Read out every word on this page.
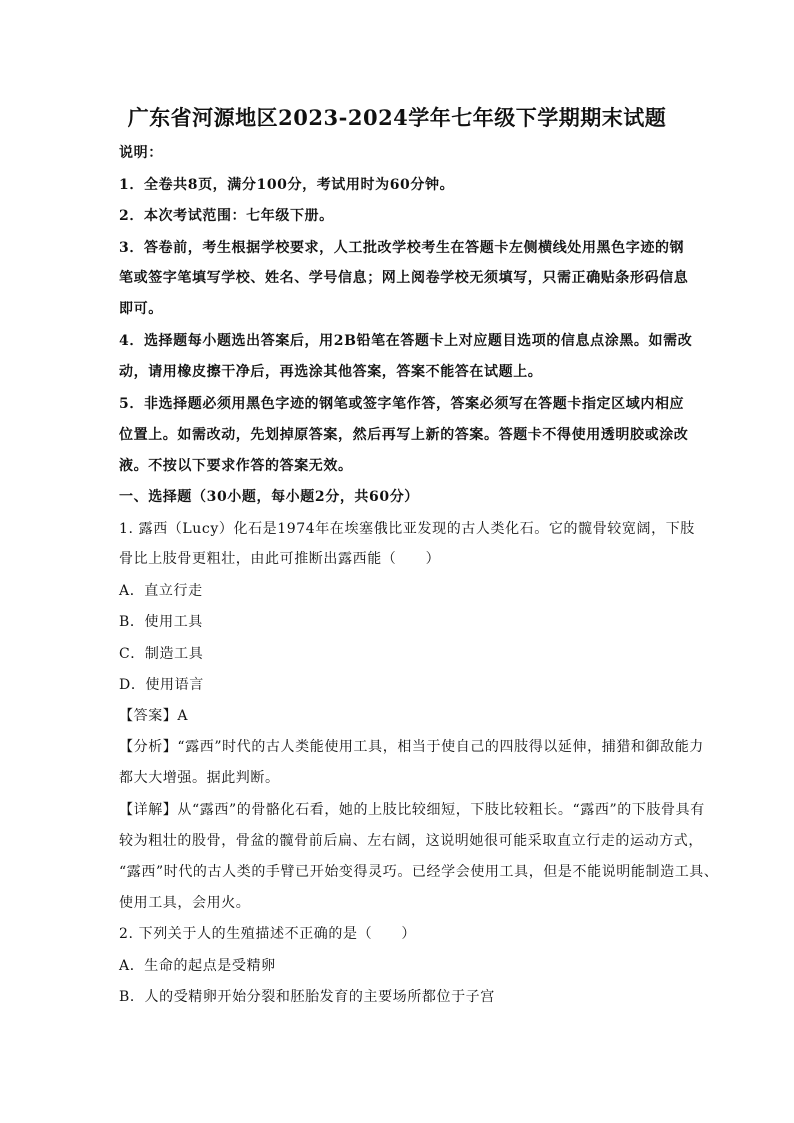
广东省河源地区2023-2024学年七年级下学期期末试题
说明：
1．全卷共8页，满分100分，考试用时为60分钟。
2．本次考试范围：七年级下册。
3．答卷前，考生根据学校要求，人工批改学校考生在答题卡左侧横线处用黑色字迹的钢
笔或签字笔填写学校、姓名、学号信息；网上阅卷学校无须填写，只需正确贴条形码信息
即可。
4．选择题每小题选出答案后，用2B铅笔在答题卡上对应题目选项的信息点涂黑。如需改
动，请用橡皮擦干净后，再选涂其他答案，答案不能答在试题上。
5．非选择题必须用黑色字迹的钢笔或签字笔作答，答案必须写在答题卡指定区域内相应
位置上。如需改动，先划掉原答案，然后再写上新的答案。答题卡不得使用透明胶或涂改
液。不按以下要求作答的答案无效。
一、选择题（30小题，每小题2分，共60分）
1. 露西（Lucy）化石是1974年在埃塞俄比亚发现的古人类化石。它的髋骨较宽阔，下肢
骨比上肢骨更粗壮，由此可推断出露西能（　　）
A．直立行走
B．使用工具
C．制造工具
D．使用语言
【答案】A
【分析】“露西”时代的古人类能使用工具，相当于使自己的四肢得以延伸，捕猎和御敌能力
都大大增强。据此判断。
【详解】从“露西”的骨骼化石看，她的上肢比较细短，下肢比较粗长。“露西”的下肢骨具有
较为粗壮的股骨，骨盆的髋骨前后扁、左右阔，这说明她很可能采取直立行走的运动方式，
“露西”时代的古人类的手臂已开始变得灵巧。已经学会使用工具，但是不能说明能制造工具、
使用工具，会用火。
2. 下列关于人的生殖描述不正确的是（　　）
A．生命的起点是受精卵
B．人的受精卵开始分裂和胚胎发育的主要场所都位于子宫
